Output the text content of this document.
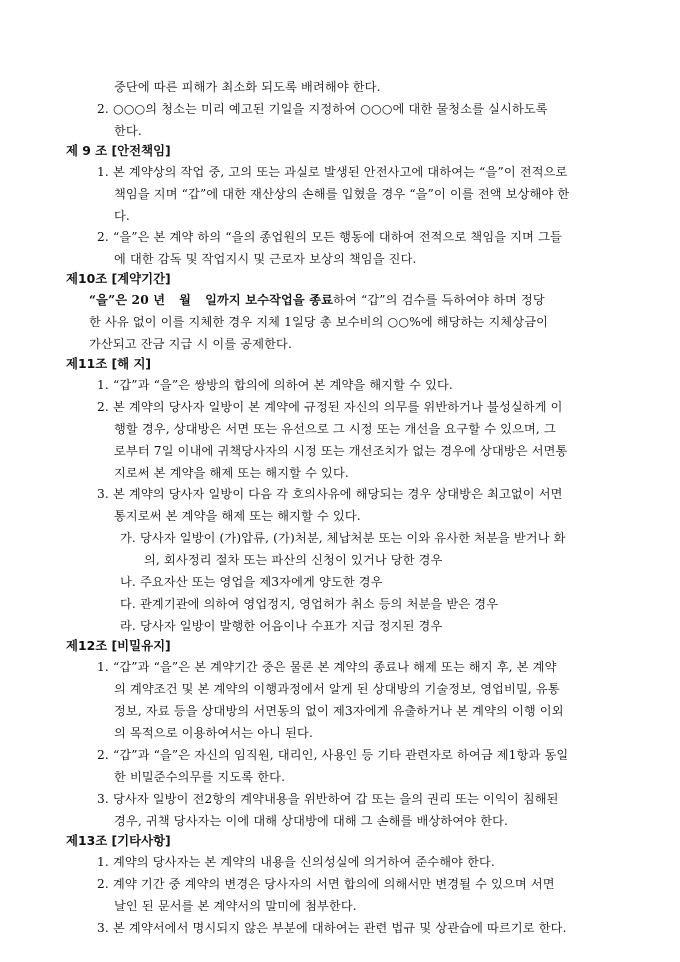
중단에 따른 피해가 최소화 되도록 배려해야 한다.
2. ○○○의 청소는 미리 예고된 기일을 지정하여 ○○○에 대한 물청소를 실시하도록
한다.
제 9 조 [안전책임]
1. 본 계약상의 작업 중, 고의 또는 과실로 발생된 안전사고에 대하여는 “을”이 전적으로
책임을 지며 “갑”에 대한 재산상의 손해를 입혔을 경우 “을”이 이를 전액 보상해야 한
다.
2. “을”은 본 계약 하의 “을의 종업원의 모든 행동에 대하여 전적으로 책임을 지며 그들
에 대한 감독 및 작업지시 및 근로자 보상의 책임을 진다.
제10조 [계약기간]
“을”은 20 년 월 일까지 보수작업을 종료하여 “갑”의 검수를 득하여야 하며 정당
한 사유 없이 이를 지체한 경우 지체 1일당 총 보수비의 ○○%에 해당하는 지체상금이
가산되고 잔금 지급 시 이를 공제한다.
제11조 [해 지]
1. “갑”과 “을”은 쌍방의 합의에 의하여 본 계약을 해지할 수 있다.
2. 본 계약의 당사자 일방이 본 계약에 규정된 자신의 의무를 위반하거나 불성실하게 이
행할 경우, 상대방은 서면 또는 유선으로 그 시정 또는 개선을 요구할 수 있으며, 그
로부터 7일 이내에 귀책당사자의 시정 또는 개선조치가 없는 경우에 상대방은 서면통
지로써 본 계약을 해제 또는 해지할 수 있다.
3. 본 계약의 당사자 일방이 다음 각 호의사유에 해당되는 경우 상대방은 최고없이 서면
통지로써 본 계약을 해제 또는 해지할 수 있다.
가. 당사자 일방이 (가)압류, (가)처분, 체납처분 또는 이와 유사한 처분을 받거나 화
의, 회사정리 절차 또는 파산의 신청이 있거나 당한 경우
나. 주요자산 또는 영업을 제3자에게 양도한 경우
다. 관계기관에 의하여 영업정지, 영업허가 취소 등의 처분을 받은 경우
라. 당사자 일방이 발행한 어음이나 수표가 지급 정지된 경우
제12조 [비밀유지]
1. “갑”과 “을”은 본 계약기간 중은 물론 본 계약의 종료나 해제 또는 해지 후, 본 계약
의 계약조건 및 본 계약의 이행과정에서 알게 된 상대방의 기술정보, 영업비밀, 유통
정보, 자료 등을 상대방의 서면동의 없이 제3자에게 유출하거나 본 계약의 이행 이외
의 목적으로 이용하여서는 아니 된다.
2. “갑”과 “을”은 자신의 임직원, 대리인, 사용인 등 기타 관련자로 하여금 제1항과 동일
한 비밀준수의무를 지도록 한다.
3. 당사자 일방이 전2항의 계약내용을 위반하여 갑 또는 을의 권리 또는 이익이 침해된
경우, 귀책 당사자는 이에 대해 상대방에 대해 그 손해를 배상하여야 한다.
제13조 [기타사항]
1. 계약의 당사자는 본 계약의 내용을 신의성실에 의거하여 준수해야 한다.
2. 계약 기간 중 계약의 변경은 당사자의 서면 합의에 의해서만 변경될 수 있으며 서면
날인 된 문서를 본 계약서의 말미에 첨부한다.
3. 본 계약서에서 명시되지 않은 부분에 대하여는 관련 법규 및 상관습에 따르기로 한다.
